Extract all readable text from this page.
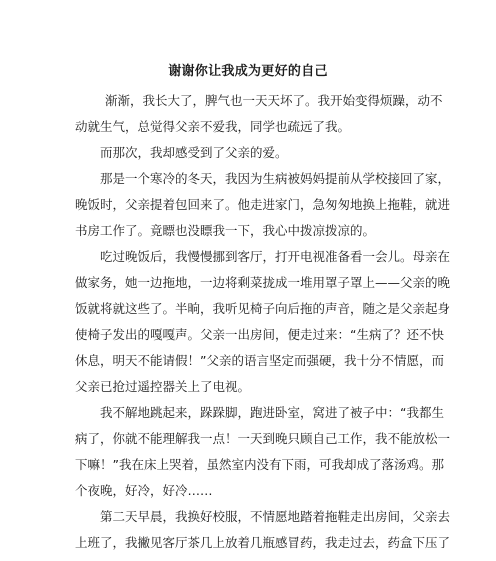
谢谢你让我成为更好的自己
渐渐，我长大了，脾气也一天天坏了。我开始变得烦躁，动不
动就生气，总觉得父亲不爱我，同学也疏远了我。
而那次，我却感受到了父亲的爱。
那是一个寒冷的冬天，我因为生病被妈妈提前从学校接回了家，
晚饭时，父亲提着包回来了。他走进家门，急匆匆地换上拖鞋，就进
书房工作了。竟瞟也没瞟我一下，我心中拨凉拨凉的。
吃过晚饭后，我慢慢挪到客厅，打开电视准备看一会儿。母亲在
做家务，她一边拖地，一边将剩菜拢成一堆用罩子罩上——父亲的晚
饭就将就这些了。半晌，我听见椅子向后拖的声音，随之是父亲起身
使椅子发出的嘎嘎声。父亲一出房间，便走过来：“生病了？还不快
休息，明天不能请假！”父亲的语言坚定而强硬，我十分不情愿，而
父亲已抢过遥控器关上了电视。
我不解地跳起来，跺跺脚，跑进卧室，窝进了被子中：“我都生
病了，你就不能理解我一点！一天到晚只顾自己工作，我不能放松一
下嘛！”我在床上哭着，虽然室内没有下雨，可我却成了落汤鸡。那
个夜晚，好冷，好冷……
第二天早晨，我换好校服，不情愿地踏着拖鞋走出房间，父亲去
上班了，我撇见客厅茶几上放着几瓶感冒药，我走过去，药盒下压了
